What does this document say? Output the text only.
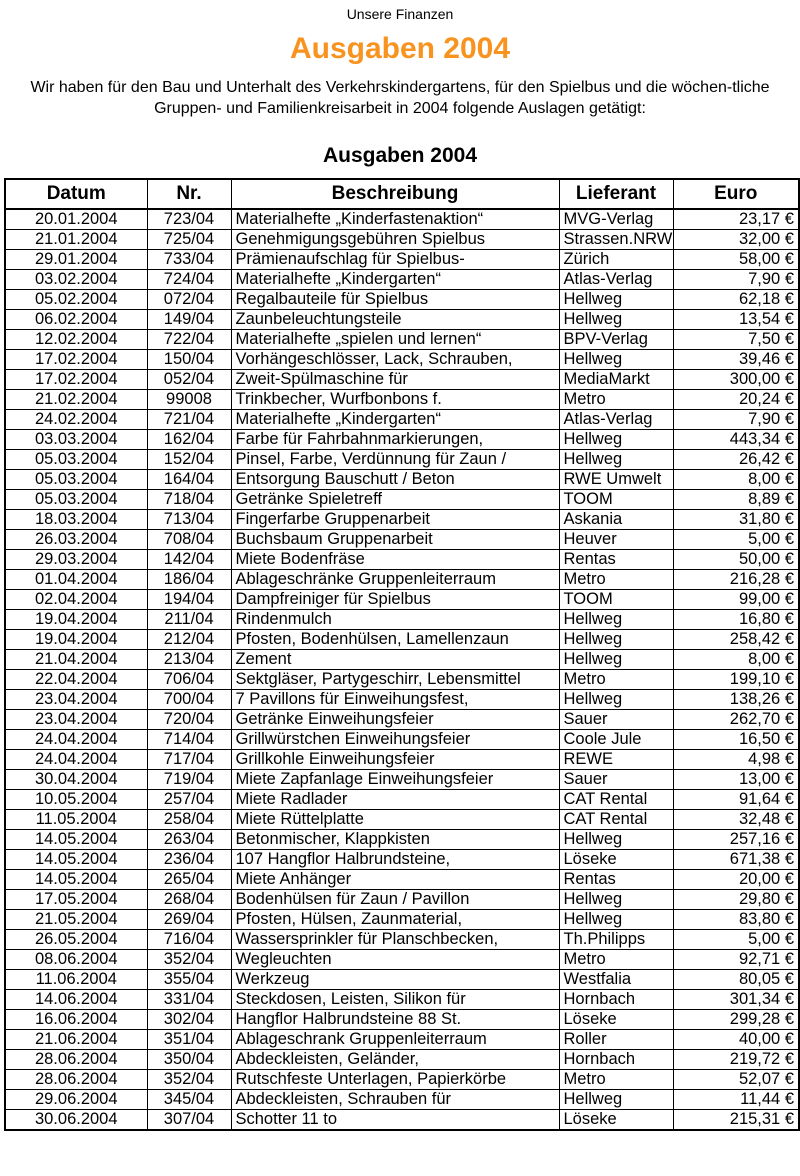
Unsere Finanzen
Ausgaben 2004
Wir haben für den Bau und Unterhalt des Verkehrskindergartens, für den Spielbus und die wöchen-tliche
Gruppen- und Familienkreisarbeit in 2004 folgende Auslagen getätigt:
Ausgaben 2004
Datum	Nr.	Beschreibung	Lieferant	Euro
20.01.2004	723/04	Materialhefte „Kinderfastenaktion“	MVG-Verlag	23,17 €
21.01.2004	725/04	Genehmigungsgebühren Spielbus	Strassen.NRW	32,00 €
29.01.2004	733/04	Prämienaufschlag für Spielbus-	Zürich	58,00 €
03.02.2004	724/04	Materialhefte „Kindergarten“	Atlas-Verlag	7,90 €
05.02.2004	072/04	Regalbauteile für Spielbus	Hellweg	62,18 €
06.02.2004	149/04	Zaunbeleuchtungsteile	Hellweg	13,54 €
12.02.2004	722/04	Materialhefte „spielen und lernen“	BPV-Verlag	7,50 €
17.02.2004	150/04	Vorhängeschlösser, Lack, Schrauben,	Hellweg	39,46 €
17.02.2004	052/04	Zweit-Spülmaschine für	MediaMarkt	300,00 €
21.02.2004	99008	Trinkbecher, Wurfbonbons f.	Metro	20,24 €
24.02.2004	721/04	Materialhefte „Kindergarten“	Atlas-Verlag	7,90 €
03.03.2004	162/04	Farbe für Fahrbahnmarkierungen,	Hellweg	443,34 €
05.03.2004	152/04	Pinsel, Farbe, Verdünnung für Zaun /	Hellweg	26,42 €
05.03.2004	164/04	Entsorgung Bauschutt / Beton	RWE Umwelt	8,00 €
05.03.2004	718/04	Getränke Spieletreff	TOOM	8,89 €
18.03.2004	713/04	Fingerfarbe Gruppenarbeit	Askania	31,80 €
26.03.2004	708/04	Buchsbaum Gruppenarbeit	Heuver	5,00 €
29.03.2004	142/04	Miete Bodenfräse	Rentas	50,00 €
01.04.2004	186/04	Ablageschränke Gruppenleiterraum	Metro	216,28 €
02.04.2004	194/04	Dampfreiniger für Spielbus	TOOM	99,00 €
19.04.2004	211/04	Rindenmulch	Hellweg	16,80 €
19.04.2004	212/04	Pfosten, Bodenhülsen, Lamellenzaun	Hellweg	258,42 €
21.04.2004	213/04	Zement	Hellweg	8,00 €
22.04.2004	706/04	Sektgläser, Partygeschirr, Lebensmittel	Metro	199,10 €
23.04.2004	700/04	7 Pavillons für Einweihungsfest,	Hellweg	138,26 €
23.04.2004	720/04	Getränke Einweihungsfeier	Sauer	262,70 €
24.04.2004	714/04	Grillwürstchen Einweihungsfeier	Coole Jule	16,50 €
24.04.2004	717/04	Grillkohle Einweihungsfeier	REWE	4,98 €
30.04.2004	719/04	Miete Zapfanlage Einweihungsfeier	Sauer	13,00 €
10.05.2004	257/04	Miete Radlader	CAT Rental	91,64 €
11.05.2004	258/04	Miete Rüttelplatte	CAT Rental	32,48 €
14.05.2004	263/04	Betonmischer, Klappkisten	Hellweg	257,16 €
14.05.2004	236/04	107 Hangflor Halbrundsteine,	Löseke	671,38 €
14.05.2004	265/04	Miete Anhänger	Rentas	20,00 €
17.05.2004	268/04	Bodenhülsen für Zaun / Pavillon	Hellweg	29,80 €
21.05.2004	269/04	Pfosten, Hülsen, Zaunmaterial,	Hellweg	83,80 €
26.05.2004	716/04	Wassersprinkler für Planschbecken,	Th.Philipps	5,00 €
08.06.2004	352/04	Wegleuchten	Metro	92,71 €
11.06.2004	355/04	Werkzeug	Westfalia	80,05 €
14.06.2004	331/04	Steckdosen, Leisten, Silikon für	Hornbach	301,34 €
16.06.2004	302/04	Hangflor Halbrundsteine 88 St.	Löseke	299,28 €
21.06.2004	351/04	Ablageschrank Gruppenleiterraum	Roller	40,00 €
28.06.2004	350/04	Abdeckleisten, Geländer,	Hornbach	219,72 €
28.06.2004	352/04	Rutschfeste Unterlagen, Papierkörbe	Metro	52,07 €
29.06.2004	345/04	Abdeckleisten, Schrauben für	Hellweg	11,44 €
30.06.2004	307/04	Schotter 11 to	Löseke	215,31 €
